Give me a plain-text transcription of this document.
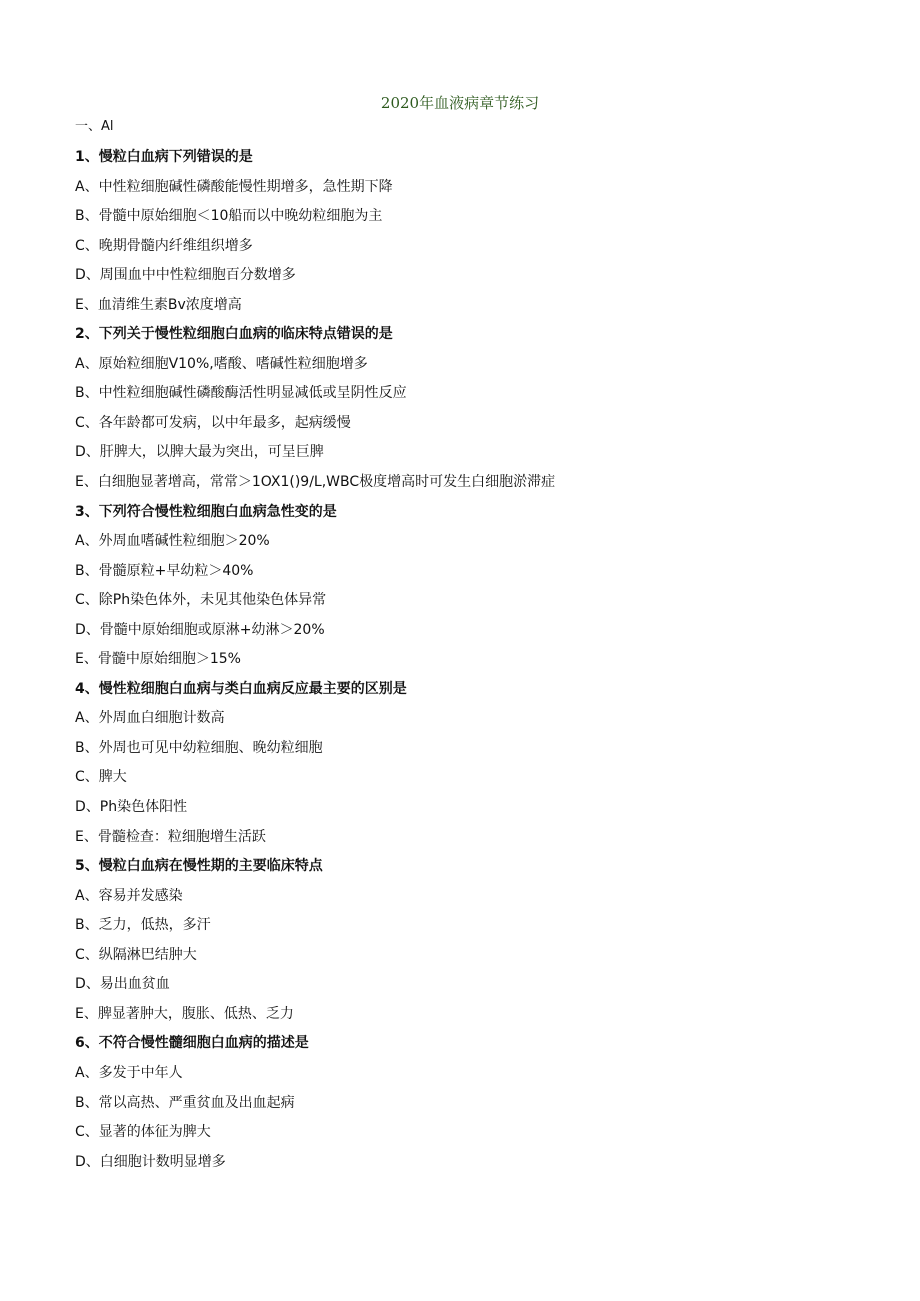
2020年血液病章节练习
一、Al
1、慢粒白血病下列错误的是
A、中性粒细胞碱性磷酸能慢性期增多，急性期下降
B、骨髓中原始细胞＜10船而以中晚幼粒细胞为主
C、晚期骨髓内纤维组织增多
D、周围血中中性粒细胞百分数增多
E、血清维生素Bv浓度增高
2、下列关于慢性粒细胞白血病的临床特点错误的是
A、原始粒细胞V10%,嗜酸、嗜碱性粒细胞增多
B、中性粒细胞碱性磷酸酶活性明显减低或呈阴性反应
C、各年龄都可发病，以中年最多，起病缓慢
D、肝脾大，以脾大最为突出，可呈巨脾
E、白细胞显著增高，常常＞1OX1()9∕L,WBC极度增高时可发生白细胞淤滞症
3、下列符合慢性粒细胞白血病急性变的是
A、外周血嗜碱性粒细胞＞20%
B、骨髓原粒+早幼粒＞40%
C、除Ph染色体外，未见其他染色体异常
D、骨髓中原始细胞或原淋+幼淋＞20%
E、骨髓中原始细胞＞15%
4、慢性粒细胞白血病与类白血病反应最主要的区别是
A、外周血白细胞计数高
B、外周也可见中幼粒细胞、晚幼粒细胞
C、脾大
D、Ph染色体阳性
E、骨髓检查：粒细胞增生活跃
5、慢粒白血病在慢性期的主要临床特点
A、容易并发感染
B、乏力，低热，多汗
C、纵隔淋巴结肿大
D、易出血贫血
E、脾显著肿大，腹胀、低热、乏力
6、不符合慢性髓细胞白血病的描述是
A、多发于中年人
B、常以高热、严重贫血及出血起病
C、显著的体征为脾大
D、白细胞计数明显增多
